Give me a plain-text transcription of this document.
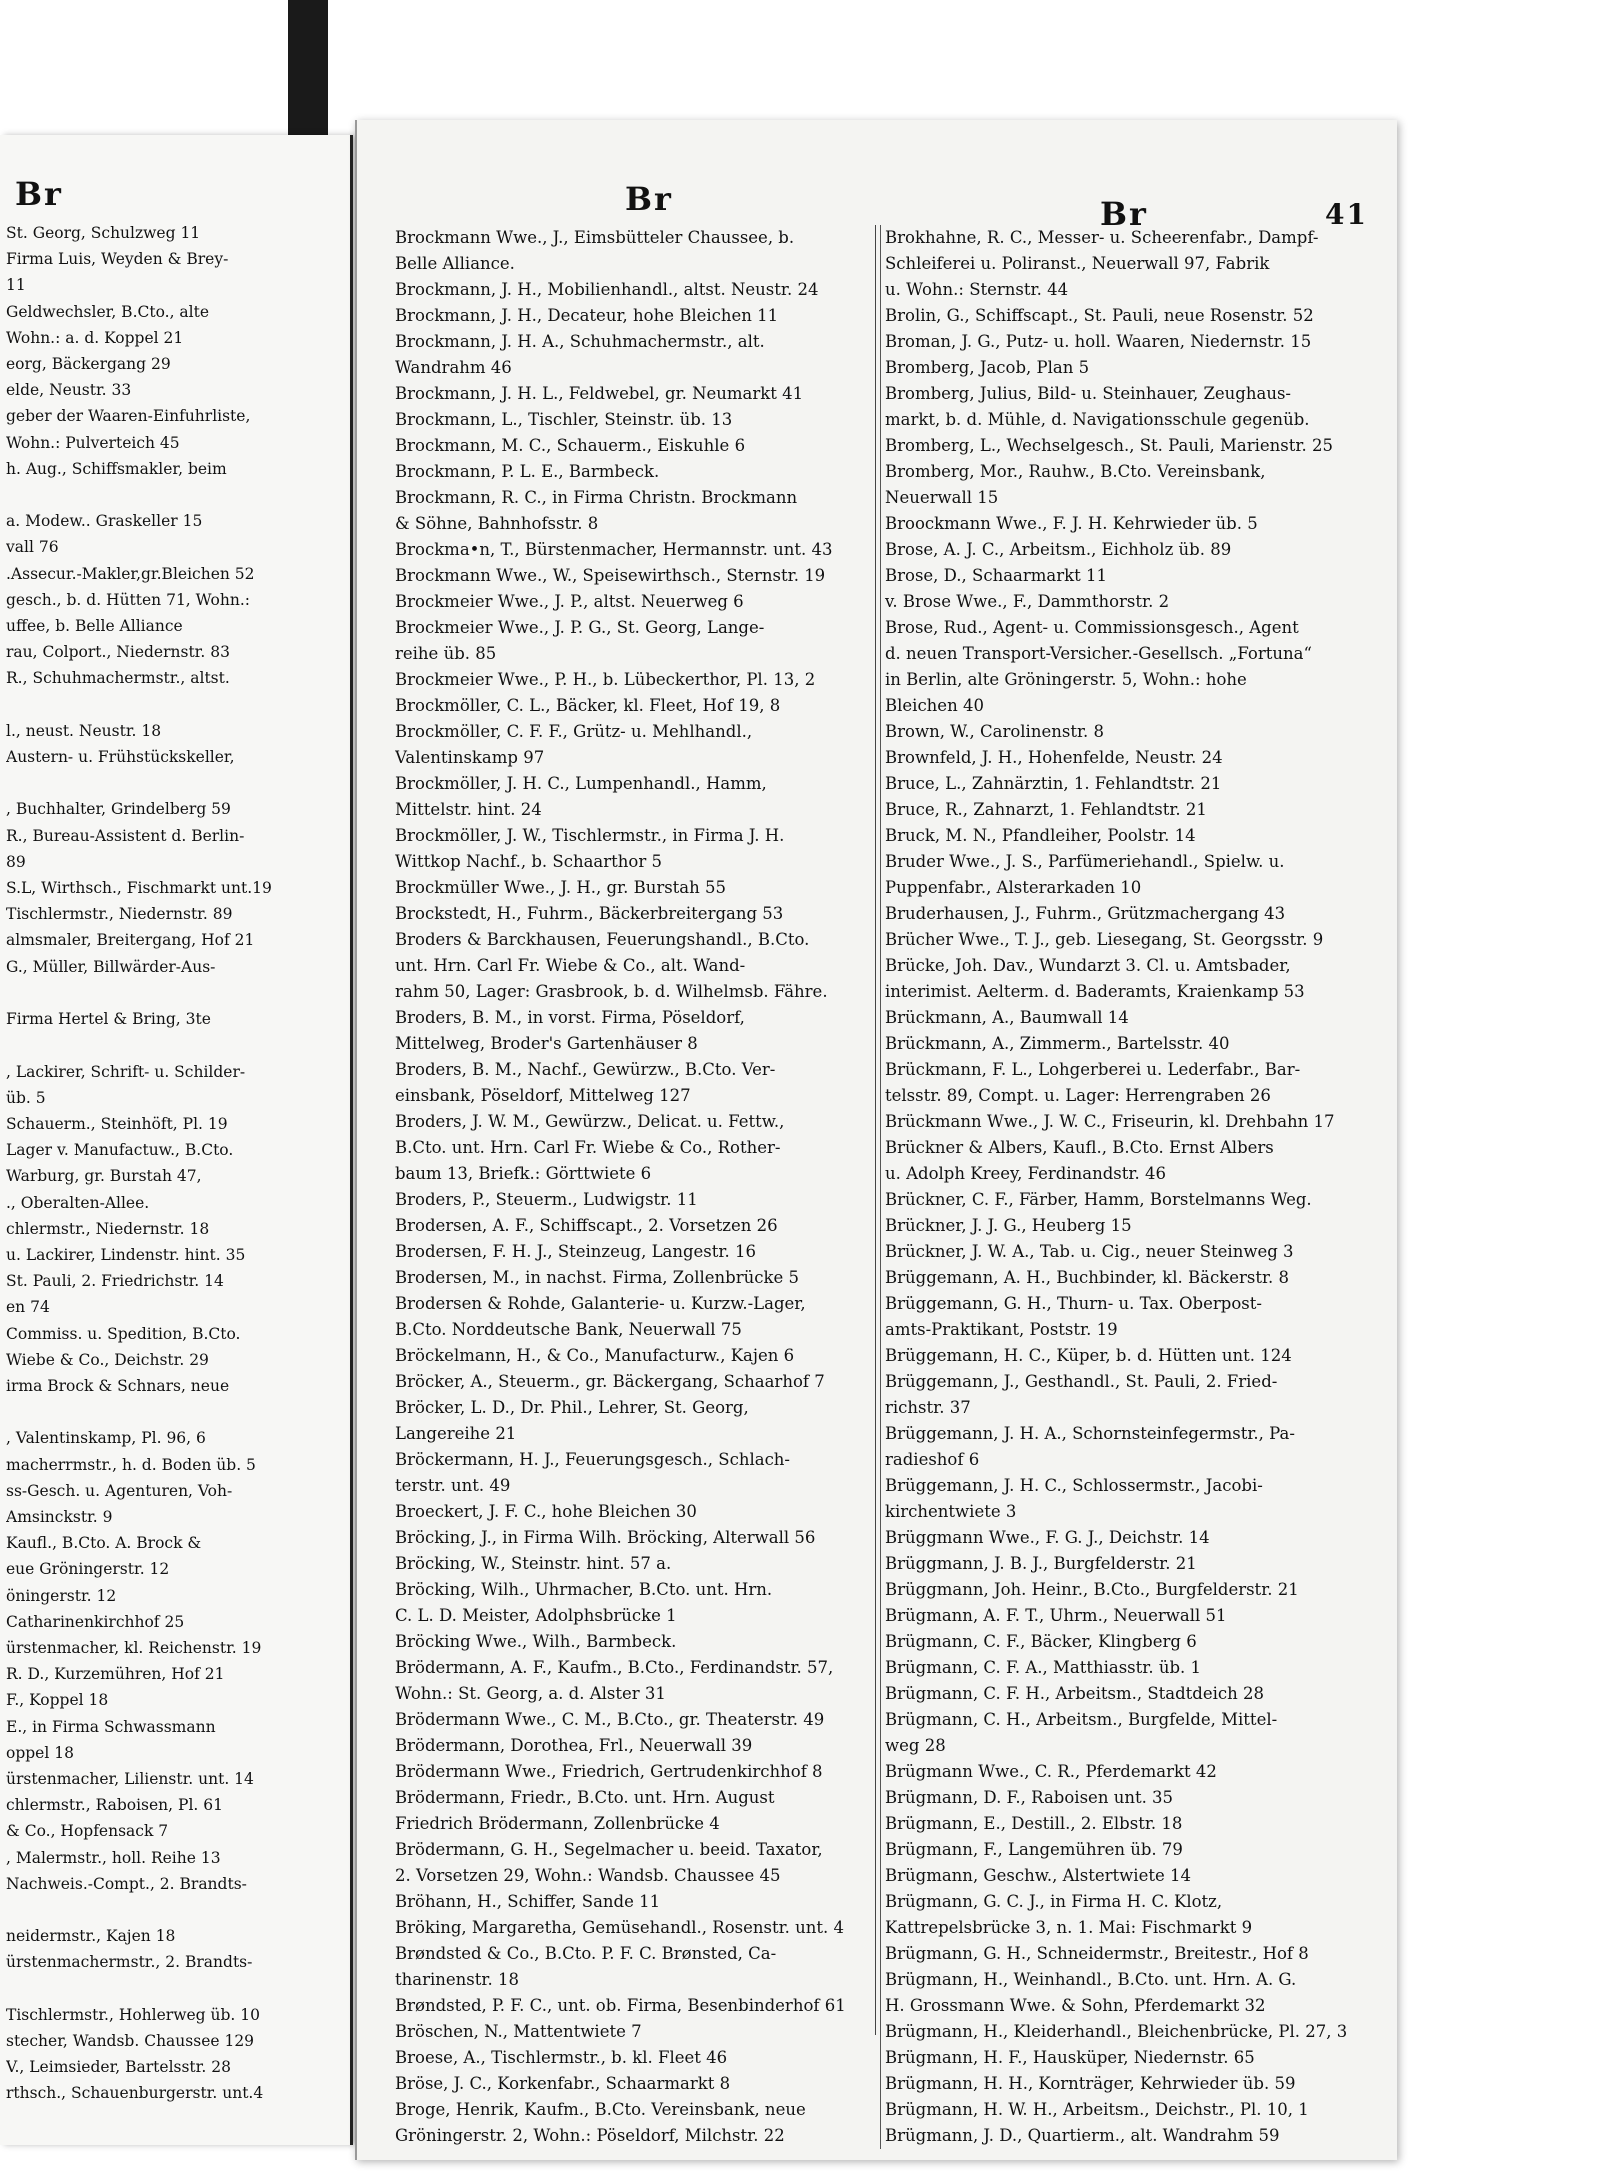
Br	Br	Br	41
St. Georg, Schulzweg 11
Firma Luis, Weyden & Brey-
11
Geldwechsler, B.Cto., alte
Wohn.: a. d. Koppel 21
eorg, Bäckergang 29
elde, Neustr. 33
geber der Waaren-Einfuhrliste,
Wohn.: Pulverteich 45
h. Aug., Schiffsmakler, beim

a. Modew.. Graskeller 15
vall 76
.Assecur.-Makler,gr.Bleichen 52
gesch., b. d. Hütten 71, Wohn.:
uffee, b. Belle Alliance
rau, Colport., Niedernstr. 83
R., Schuhmachermstr., altst.

l., neust. Neustr. 18
Austern- u. Frühstückskeller,

, Buchhalter, Grindelberg 59
R., Bureau-Assistent d. Berlin-
89
S.L, Wirthsch., Fischmarkt unt.19
Tischlermstr., Niedernstr. 89
almsmaler, Breitergang, Hof 21
G., Müller, Billwärder-Aus-

Firma Hertel & Bring, 3te

, Lackirer, Schrift- u. Schilder-
üb. 5
Schauerm., Steinhöft, Pl. 19
Lager v. Manufactuw., B.Cto.
Warburg, gr. Burstah 47,
., Oberalten-Allee.
chlermstr., Niedernstr. 18
u. Lackirer, Lindenstr. hint. 35
St. Pauli, 2. Friedrichstr. 14
en 74
Commiss. u. Spedition, B.Cto.
Wiebe & Co., Deichstr. 29
irma Brock & Schnars, neue

, Valentinskamp, Pl. 96, 6
macherrmstr., h. d. Boden üb. 5
ss-Gesch. u. Agenturen, Voh-
Amsinckstr. 9
Kaufl., B.Cto. A. Brock &
eue Gröningerstr. 12
öningerstr. 12
Catharinenkirchhof 25
ürstenmacher, kl. Reichenstr. 19
R. D., Kurzemühren, Hof 21
F., Koppel 18
E., in Firma Schwassmann
oppel 18
ürstenmacher, Lilienstr. unt. 14
chlermstr., Raboisen, Pl. 61
& Co., Hopfensack 7
, Malermstr., holl. Reihe 13
Nachweis.-Compt., 2. Brandts-

neidermstr., Kajen 18
ürstenmachermstr., 2. Brandts-

Tischlermstr., Hohlerweg üb. 10
stecher, Wandsb. Chaussee 129
V., Leimsieder, Bartelsstr. 28
rthsch., Schauenburgerstr. unt.4
Brockmann Wwe., J., Eimsbütteler Chaussee, b.
Belle Alliance.
Brockmann, J. H., Mobilienhandl., altst. Neustr. 24
Brockmann, J. H., Decateur, hohe Bleichen 11
Brockmann, J. H. A., Schuhmachermstr., alt.
Wandrahm 46
Brockmann, J. H. L., Feldwebel, gr. Neumarkt 41
Brockmann, L., Tischler, Steinstr. üb. 13
Brockmann, M. C., Schauerm., Eiskuhle 6
Brockmann, P. L. E., Barmbeck.
Brockmann, R. C., in Firma Christn. Brockmann
& Söhne, Bahnhofsstr. 8
Brockma•n, T., Bürstenmacher, Hermannstr. unt. 43
Brockmann Wwe., W., Speisewirthsch., Sternstr. 19
Brockmeier Wwe., J. P., altst. Neuerweg 6
Brockmeier Wwe., J. P. G., St. Georg, Lange-
reihe üb. 85
Brockmeier Wwe., P. H., b. Lübeckerthor, Pl. 13, 2
Brockmöller, C. L., Bäcker, kl. Fleet, Hof 19, 8
Brockmöller, C. F. F., Grütz- u. Mehlhandl.,
Valentinskamp 97
Brockmöller, J. H. C., Lumpenhandl., Hamm,
Mittelstr. hint. 24
Brockmöller, J. W., Tischlermstr., in Firma J. H.
Wittkop Nachf., b. Schaarthor 5
Brockmüller Wwe., J. H., gr. Burstah 55
Brockstedt, H., Fuhrm., Bäckerbreitergang 53
Broders & Barckhausen, Feuerungshandl., B.Cto.
unt. Hrn. Carl Fr. Wiebe & Co., alt. Wand-
rahm 50, Lager: Grasbrook, b. d. Wilhelmsb. Fähre.
Broders, B. M., in vorst. Firma, Pöseldorf,
Mittelweg, Broder's Gartenhäuser 8
Broders, B. M., Nachf., Gewürzw., B.Cto. Ver-
einsbank, Pöseldorf, Mittelweg 127
Broders, J. W. M., Gewürzw., Delicat. u. Fettw.,
B.Cto. unt. Hrn. Carl Fr. Wiebe & Co., Rother-
baum 13, Briefk.: Görttwiete 6
Broders, P., Steuerm., Ludwigstr. 11
Brodersen, A. F., Schiffscapt., 2. Vorsetzen 26
Brodersen, F. H. J., Steinzeug, Langestr. 16
Brodersen, M., in nachst. Firma, Zollenbrücke 5
Brodersen & Rohde, Galanterie- u. Kurzw.-Lager,
B.Cto. Norddeutsche Bank, Neuerwall 75
Bröckelmann, H., & Co., Manufacturw., Kajen 6
Bröcker, A., Steuerm., gr. Bäckergang, Schaarhof 7
Bröcker, L. D., Dr. Phil., Lehrer, St. Georg,
Langereihe 21
Bröckermann, H. J., Feuerungsgesch., Schlach-
terstr. unt. 49
Broeckert, J. F. C., hohe Bleichen 30
Bröcking, J., in Firma Wilh. Bröcking, Alterwall 56
Bröcking, W., Steinstr. hint. 57 a.
Bröcking, Wilh., Uhrmacher, B.Cto. unt. Hrn.
C. L. D. Meister, Adolphsbrücke 1
Bröcking Wwe., Wilh., Barmbeck.
Brödermann, A. F., Kaufm., B.Cto., Ferdinandstr. 57,
Wohn.: St. Georg, a. d. Alster 31
Brödermann Wwe., C. M., B.Cto., gr. Theaterstr. 49
Brödermann, Dorothea, Frl., Neuerwall 39
Brödermann Wwe., Friedrich, Gertrudenkirchhof 8
Brödermann, Friedr., B.Cto. unt. Hrn. August
Friedrich Brödermann, Zollenbrücke 4
Brödermann, G. H., Segelmacher u. beeid. Taxator,
2. Vorsetzen 29, Wohn.: Wandsb. Chaussee 45
Bröhann, H., Schiffer, Sande 11
Bröking, Margaretha, Gemüsehandl., Rosenstr. unt. 4
Brøndsted & Co., B.Cto. P. F. C. Brønsted, Ca-
tharinenstr. 18
Brøndsted, P. F. C., unt. ob. Firma, Besenbinderhof 61
Bröschen, N., Mattentwiete 7
Broese, A., Tischlermstr., b. kl. Fleet 46
Bröse, J. C., Korkenfabr., Schaarmarkt 8
Broge, Henrik, Kaufm., B.Cto. Vereinsbank, neue
Gröningerstr. 2, Wohn.: Pöseldorf, Milchstr. 22
Brokhahne, R. C., Messer- u. Scheerenfabr., Dampf-
Schleiferei u. Poliranst., Neuerwall 97, Fabrik
u. Wohn.: Sternstr. 44
Brolin, G., Schiffscapt., St. Pauli, neue Rosenstr. 52
Broman, J. G., Putz- u. holl. Waaren, Niedernstr. 15
Bromberg, Jacob, Plan 5
Bromberg, Julius, Bild- u. Steinhauer, Zeughaus-
markt, b. d. Mühle, d. Navigationsschule gegenüb.
Bromberg, L., Wechselgesch., St. Pauli, Marienstr. 25
Bromberg, Mor., Rauhw., B.Cto. Vereinsbank,
Neuerwall 15
Broockmann Wwe., F. J. H. Kehrwieder üb. 5
Brose, A. J. C., Arbeitsm., Eichholz üb. 89
Brose, D., Schaarmarkt 11
v. Brose Wwe., F., Dammthorstr. 2
Brose, Rud., Agent- u. Commissionsgesch., Agent
d. neuen Transport-Versicher.-Gesellsch. „Fortuna“
in Berlin, alte Gröningerstr. 5, Wohn.: hohe
Bleichen 40
Brown, W., Carolinenstr. 8
Brownfeld, J. H., Hohenfelde, Neustr. 24
Bruce, L., Zahnärztin, 1. Fehlandtstr. 21
Bruce, R., Zahnarzt, 1. Fehlandtstr. 21
Bruck, M. N., Pfandleiher, Poolstr. 14
Bruder Wwe., J. S., Parfümeriehandl., Spielw. u.
Puppenfabr., Alsterarkaden 10
Bruderhausen, J., Fuhrm., Grützmachergang 43
Brücher Wwe., T. J., geb. Liesegang, St. Georgsstr. 9
Brücke, Joh. Dav., Wundarzt 3. Cl. u. Amtsbader,
interimist. Aelterm. d. Baderamts, Kraienkamp 53
Brückmann, A., Baumwall 14
Brückmann, A., Zimmerm., Bartelsstr. 40
Brückmann, F. L., Lohgerberei u. Lederfabr., Bar-
telsstr. 89, Compt. u. Lager: Herrengraben 26
Brückmann Wwe., J. W. C., Friseurin, kl. Drehbahn 17
Brückner & Albers, Kaufl., B.Cto. Ernst Albers
u. Adolph Kreey, Ferdinandstr. 46
Brückner, C. F., Färber, Hamm, Borstelmanns Weg.
Brückner, J. J. G., Heuberg 15
Brückner, J. W. A., Tab. u. Cig., neuer Steinweg 3
Brüggemann, A. H., Buchbinder, kl. Bäckerstr. 8
Brüggemann, G. H., Thurn- u. Tax. Oberpost-
amts-Praktikant, Poststr. 19
Brüggemann, H. C., Küper, b. d. Hütten unt. 124
Brüggemann, J., Gesthandl., St. Pauli, 2. Fried-
richstr. 37
Brüggemann, J. H. A., Schornsteinfegermstr., Pa-
radieshof 6
Brüggemann, J. H. C., Schlossermstr., Jacobi-
kirchentwiete 3
Brüggmann Wwe., F. G. J., Deichstr. 14
Brüggmann, J. B. J., Burgfelderstr. 21
Brüggmann, Joh. Heinr., B.Cto., Burgfelderstr. 21
Brügmann, A. F. T., Uhrm., Neuerwall 51
Brügmann, C. F., Bäcker, Klingberg 6
Brügmann, C. F. A., Matthiasstr. üb. 1
Brügmann, C. F. H., Arbeitsm., Stadtdeich 28
Brügmann, C. H., Arbeitsm., Burgfelde, Mittel-
weg 28
Brügmann Wwe., C. R., Pferdemarkt 42
Brügmann, D. F., Raboisen unt. 35
Brügmann, E., Destill., 2. Elbstr. 18
Brügmann, F., Langemühren üb. 79
Brügmann, Geschw., Alstertwiete 14
Brügmann, G. C. J., in Firma H. C. Klotz,
Kattrepelsbrücke 3, n. 1. Mai: Fischmarkt 9
Brügmann, G. H., Schneidermstr., Breitestr., Hof 8
Brügmann, H., Weinhandl., B.Cto. unt. Hrn. A. G.
H. Grossmann Wwe. & Sohn, Pferdemarkt 32
Brügmann, H., Kleiderhandl., Bleichenbrücke, Pl. 27, 3
Brügmann, H. F., Hausküper, Niedernstr. 65
Brügmann, H. H., Kornträger, Kehrwieder üb. 59
Brügmann, H. W. H., Arbeitsm., Deichstr., Pl. 10, 1
Brügmann, J. D., Quartierm., alt. Wandrahm 59
